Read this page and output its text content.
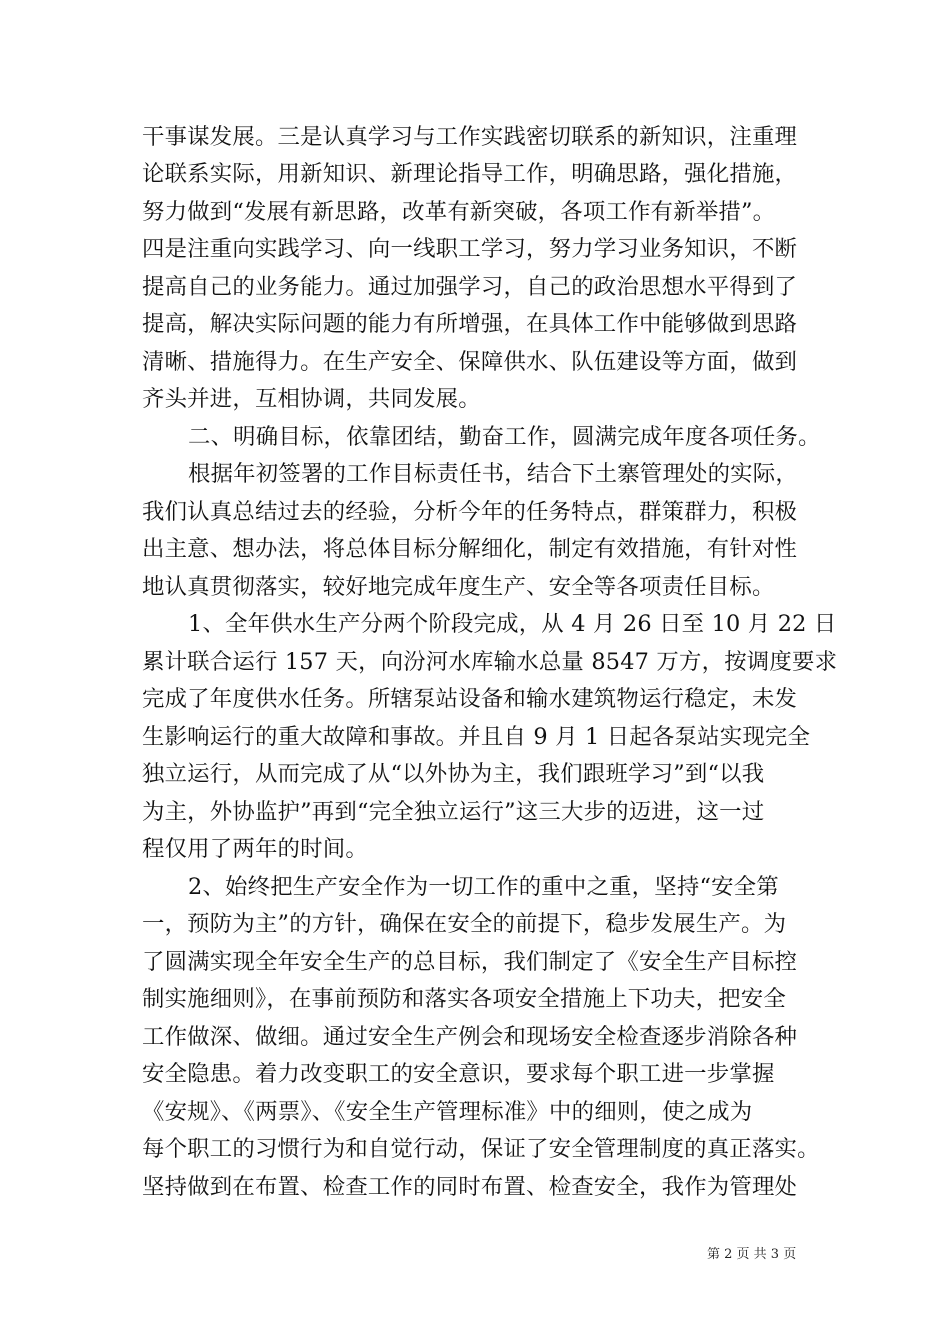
干事谋发展。三是认真学习与工作实践密切联系的新知识，注重理
论联系实际，用新知识、新理论指导工作，明确思路，强化措施，
努力做到“发展有新思路，改革有新突破，各项工作有新举措”。
四是注重向实践学习、向一线职工学习，努力学习业务知识，不断
提高自己的业务能力。通过加强学习，自己的政治思想水平得到了
提高，解决实际问题的能力有所增强，在具体工作中能够做到思路
清晰、措施得力。在生产安全、保障供水、队伍建设等方面，做到
齐头并进，互相协调，共同发展。
二、明确目标，依靠团结，勤奋工作，圆满完成年度各项任务。
根据年初签署的工作目标责任书，结合下土寨管理处的实际，
我们认真总结过去的经验，分析今年的任务特点，群策群力，积极
出主意、想办法，将总体目标分解细化，制定有效措施，有针对性
地认真贯彻落实，较好地完成年度生产、安全等各项责任目标。
1、全年供水生产分两个阶段完成，从 4 月 26 日至 10 月 22 日
累计联合运行 157 天，向汾河水库输水总量 8547 万方，按调度要求
完成了年度供水任务。所辖泵站设备和输水建筑物运行稳定，未发
生影响运行的重大故障和事故。并且自 9 月 1 日起各泵站实现完全
独立运行，从而完成了从“以外协为主，我们跟班学习”到“以我
为主，外协监护”再到“完全独立运行”这三大步的迈进，这一过
程仅用了两年的时间。
2、始终把生产安全作为一切工作的重中之重，坚持“安全第
一，预防为主”的方针，确保在安全的前提下，稳步发展生产。为
了圆满实现全年安全生产的总目标，我们制定了《安全生产目标控
制实施细则》，在事前预防和落实各项安全措施上下功夫，把安全
工作做深、做细。通过安全生产例会和现场安全检查逐步消除各种
安全隐患。着力改变职工的安全意识，要求每个职工进一步掌握
《安规》、《两票》、《安全生产管理标准》中的细则，使之成为
每个职工的习惯行为和自觉行动，保证了安全管理制度的真正落实。
坚持做到在布置、检查工作的同时布置、检查安全，我作为管理处
第 2 页 共 3 页
